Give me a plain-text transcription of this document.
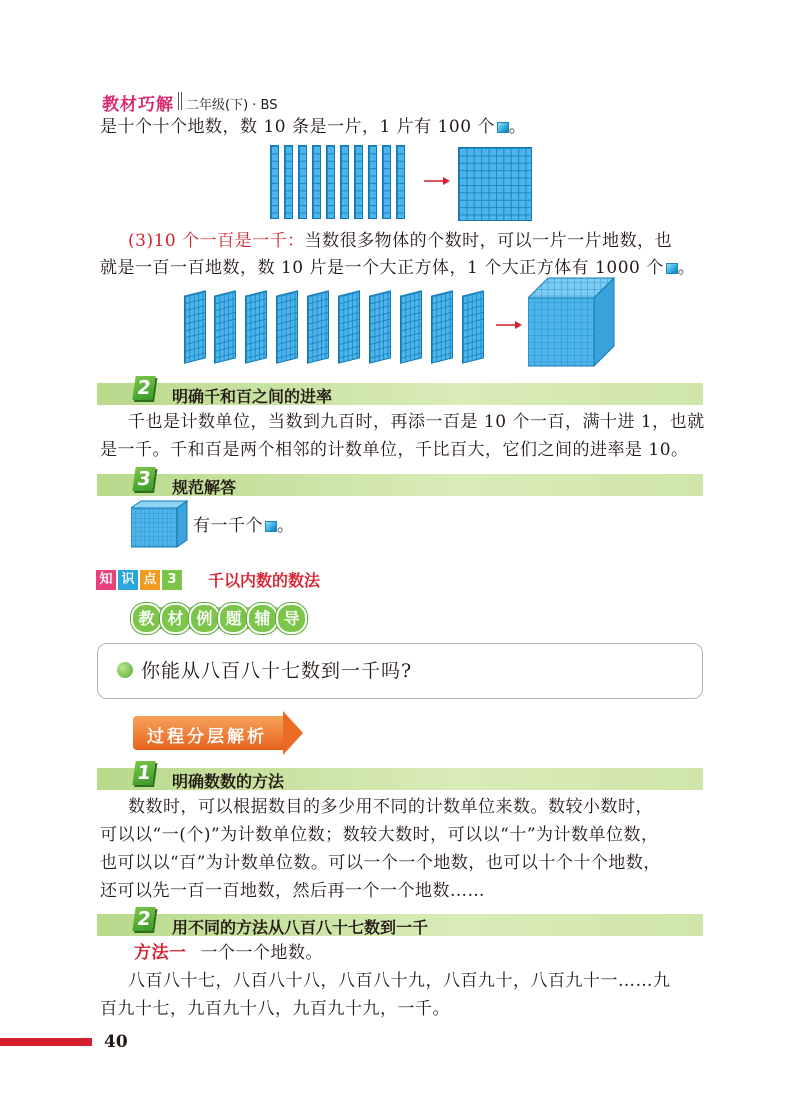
教材巧解 二年级(下) · BS
是十个十个地数，数 10 条是一片，1 片有 100 个 。
(3)10 个一百是一千：当数很多物体的个数时，可以一片一片地数，也
就是一百一百地数，数 10 片是一个大正方体，1 个大正方体有 1000 个 。
2 明确千和百之间的进率
千也是计数单位，当数到九百时，再添一百是 10 个一百，满十进 1，也就
是一千。千和百是两个相邻的计数单位，千比百大，它们之间的进率是 10。
3 规范解答
有一千个 。
知 识 点 3	千以内数的数法
教 材 例 题 辅 导
你能从八百八十七数到一千吗?
过程分层解析
1 明确数数的方法
数数时，可以根据数目的多少用不同的计数单位来数。数较小数时，
可以以“一(个)”为计数单位数；数较大数时，可以以“十”为计数单位数，
也可以以“百”为计数单位数。可以一个一个地数，也可以十个十个地数，
还可以先一百一百地数，然后再一个一个地数……
2 用不同的方法从八百八十七数到一千
方法一 一个一个地数。
八百八十七，八百八十八，八百八十九，八百九十，八百九十一……九
百九十七，九百九十八，九百九十九，一千。
40
